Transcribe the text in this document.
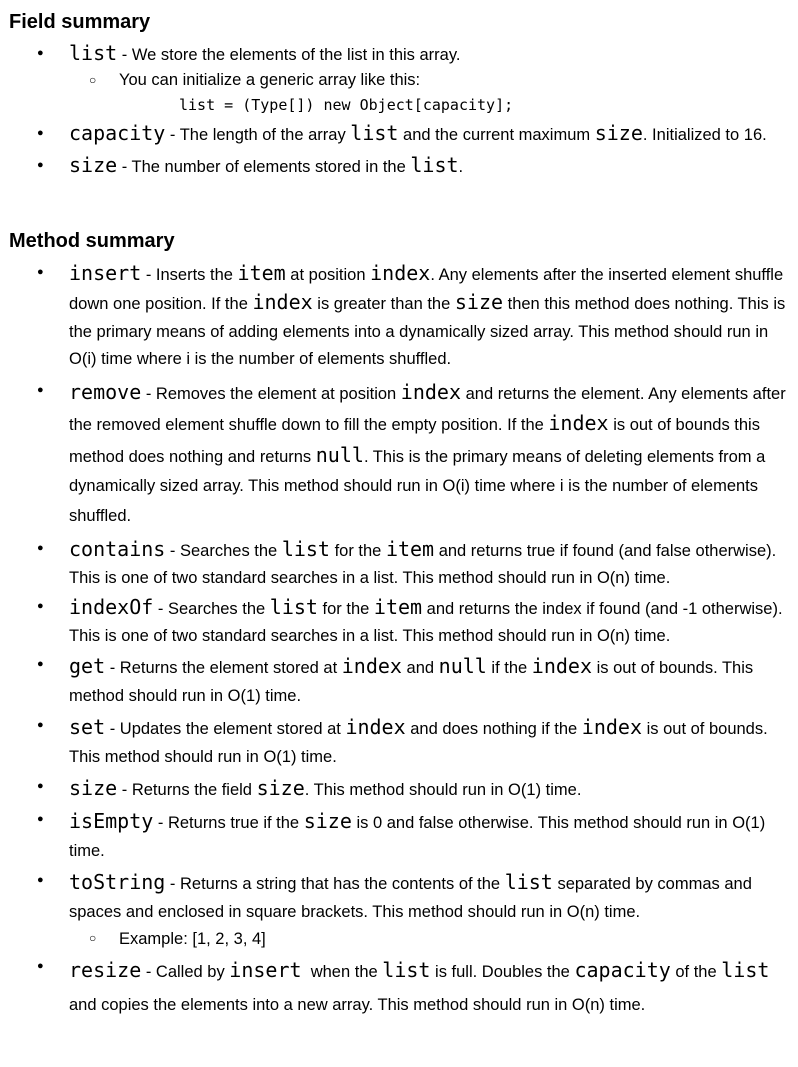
Field summary
● list - We store the elements of the list in this array.
○ You can initialize a generic array like this:
list = (Type[]) new Object[capacity];
● capacity - The length of the array list and the current maximum size. Initialized to 16.
● size - The number of elements stored in the list.
Method summary
● insert - Inserts the item at position index. Any elements after the inserted element shuffle down one position. If the index is greater than the size then this method does nothing. This is the primary means of adding elements into a dynamically sized array. This method should run in O(i) time where i is the number of elements shuffled.
● remove - Removes the element at position index and returns the element. Any elements after the removed element shuffle down to fill the empty position. If the index is out of bounds this method does nothing and returns null. This is the primary means of deleting elements from a dynamically sized array. This method should run in O(i) time where i is the number of elements shuffled.
● contains - Searches the list for the item and returns true if found (and false otherwise). This is one of two standard searches in a list. This method should run in O(n) time.
● indexOf - Searches the list for the item and returns the index if found (and -1 otherwise). This is one of two standard searches in a list. This method should run in O(n) time.
● get - Returns the element stored at index and null if the index is out of bounds. This method should run in O(1) time.
● set - Updates the element stored at index and does nothing if the index is out of bounds. This method should run in O(1) time.
● size - Returns the field size. This method should run in O(1) time.
● isEmpty - Returns true if the size is 0 and false otherwise. This method should run in O(1) time.
● toString - Returns a string that has the contents of the list separated by commas and spaces and enclosed in square brackets. This method should run in O(n) time.
○ Example: [1, 2, 3, 4]
● resize - Called by insert  when the list is full. Doubles the capacity of the list and copies the elements into a new array. This method should run in O(n) time.
